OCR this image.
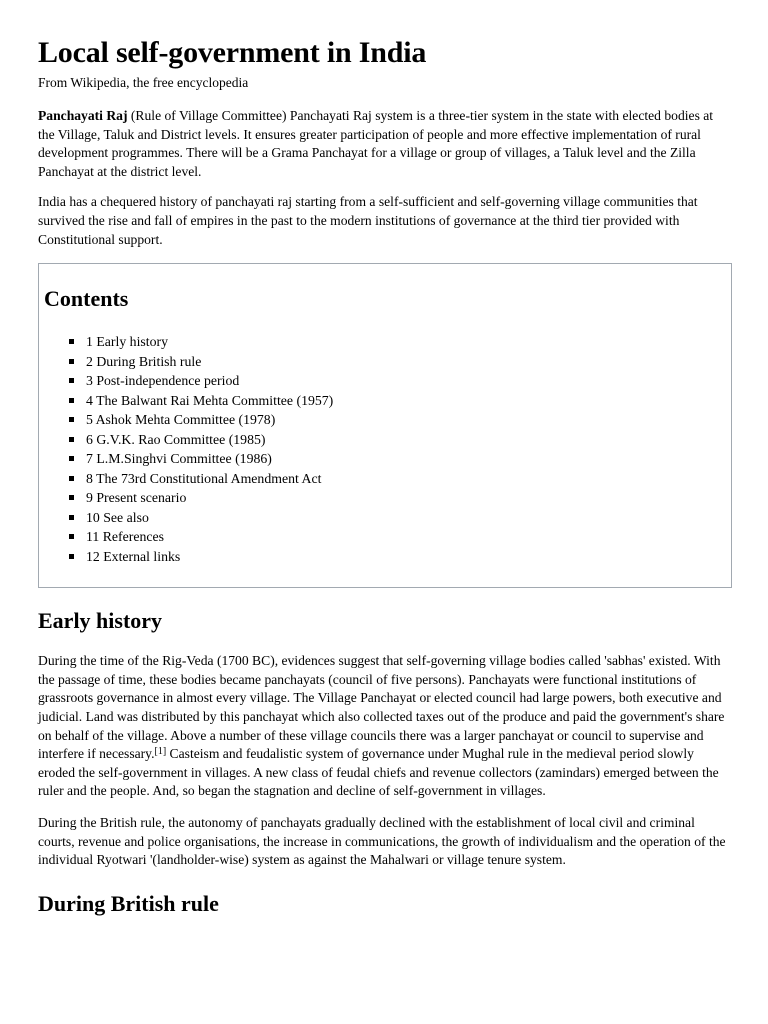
Local self-government in India
From Wikipedia, the free encyclopedia

Panchayati Raj (Rule of Village Committee) Panchayati Raj system is a three-tier system in the state with elected bodies at the Village, Taluk and District levels. It ensures greater participation of people and more effective implementation of rural development programmes. There will be a Grama Panchayat for a village or group of villages, a Taluk level and the Zilla Panchayat at the district level.

India has a chequered history of panchayati raj starting from a self-sufficient and self-governing village communities that survived the rise and fall of empires in the past to the modern institutions of governance at the third tier provided with Constitutional support.

Contents
1 Early history
2 During British rule
3 Post-independence period
4 The Balwant Rai Mehta Committee (1957)
5 Ashok Mehta Committee (1978)
6 G.V.K. Rao Committee (1985)
7 L.M.Singhvi Committee (1986)
8 The 73rd Constitutional Amendment Act
9 Present scenario
10 See also
11 References
12 External links
Early history

During the time of the Rig-Veda (1700 BC), evidences suggest that self-governing village bodies called 'sabhas' existed. With the passage of time, these bodies became panchayats (council of five persons). Panchayats were functional institutions of grassroots governance in almost every village. The Village Panchayat or elected council had large powers, both executive and judicial. Land was distributed by this panchayat which also collected taxes out of the produce and paid the government's share on behalf of the village. Above a number of these village councils there was a larger panchayat or council to supervise and interfere if necessary.[1] Casteism and feudalistic system of governance under Mughal rule in the medieval period slowly eroded the self-government in villages. A new class of feudal chiefs and revenue collectors (zamindars) emerged between the ruler and the people. And, so began the stagnation and decline of self-government in villages.

During the British rule, the autonomy of panchayats gradually declined with the establishment of local civil and criminal courts, revenue and police organisations, the increase in communications, the growth of individualism and the operation of the individual Ryotwari '(landholder-wise) system as against the Mahalwari or village tenure system.

During British rule
